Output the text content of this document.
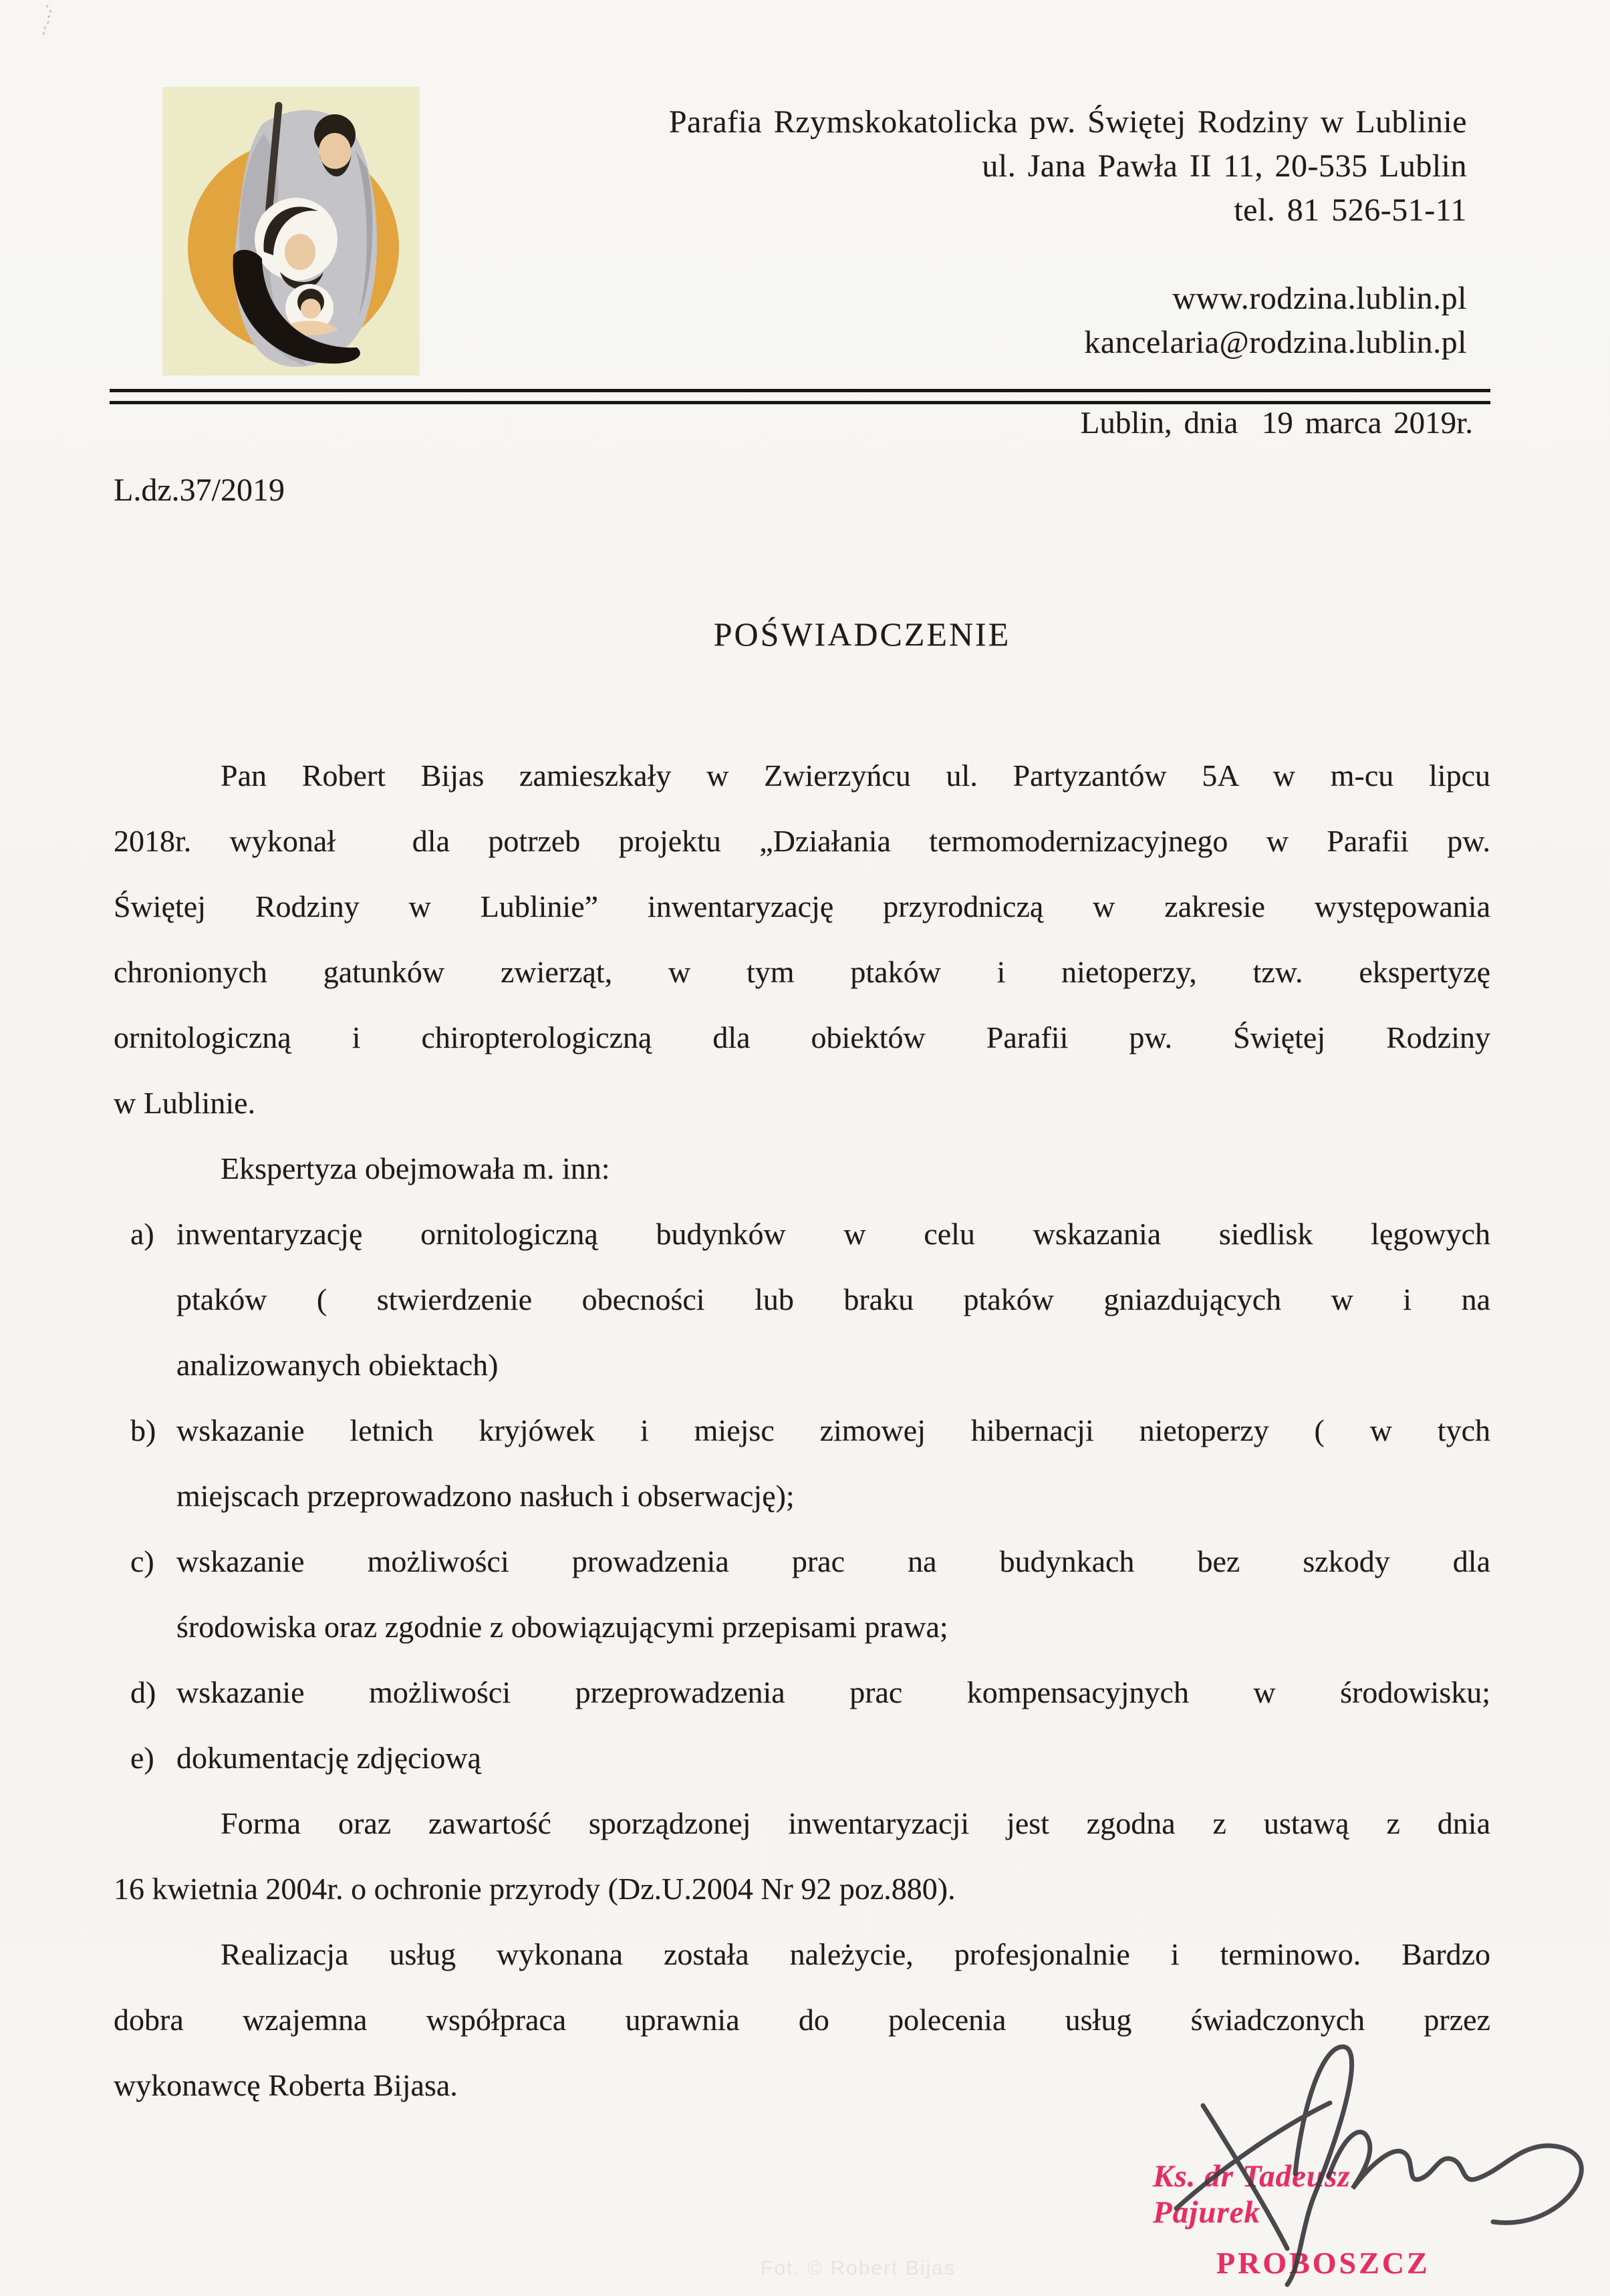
Parafia Rzymskokatolicka pw. Świętej Rodziny w Lublinie
ul. Jana Pawła II 11, 20-535 Lublin
tel. 81 526-51-11
www.rodzina.lublin.pl
kancelaria@rodzina.lublin.pl
Lublin, dnia  19 marca 2019r.
L.dz.37/2019
POŚWIADCZENIE
Pan Robert Bijas zamieszkały w Zwierzyńcu ul. Partyzantów 5A w m-cu lipcu
2018r. wykonał  dla potrzeb projektu „Działania termomodernizacyjnego w Parafii pw.
Świętej Rodziny w Lublinie” inwentaryzację przyrodniczą w zakresie występowania
chronionych gatunków zwierząt, w tym ptaków i nietoperzy, tzw. ekspertyzę
ornitologiczną i chiropterologiczną dla obiektów Parafii pw. Świętej Rodziny
w Lublinie.
Ekspertyza obejmowała m. inn:
a) inwentaryzację ornitologiczną budynków w celu wskazania siedlisk lęgowych
ptaków ( stwierdzenie obecności lub braku ptaków gniazdujących w i na
analizowanych obiektach)
b) wskazanie letnich kryjówek i miejsc zimowej hibernacji nietoperzy ( w tych
miejscach przeprowadzono nasłuch i obserwację);
c) wskazanie możliwości prowadzenia prac na budynkach bez szkody dla
środowiska oraz zgodnie z obowiązującymi przepisami prawa;
d) wskazanie możliwości przeprowadzenia prac kompensacyjnych w środowisku;
e) dokumentację zdjęciową
Forma oraz zawartość sporządzonej inwentaryzacji jest zgodna z ustawą z dnia
16 kwietnia 2004r. o ochronie przyrody (Dz.U.2004 Nr 92 poz.880).
Realizacja usług wykonana została należycie, profesjonalnie i terminowo. Bardzo
dobra wzajemna współpraca uprawnia do polecenia usług świadczonych przez
wykonawcę Roberta Bijasa.
Ks. dr Tadeusz Pajurek
PROBOSZCZ
Fot. © Robert Bijas
